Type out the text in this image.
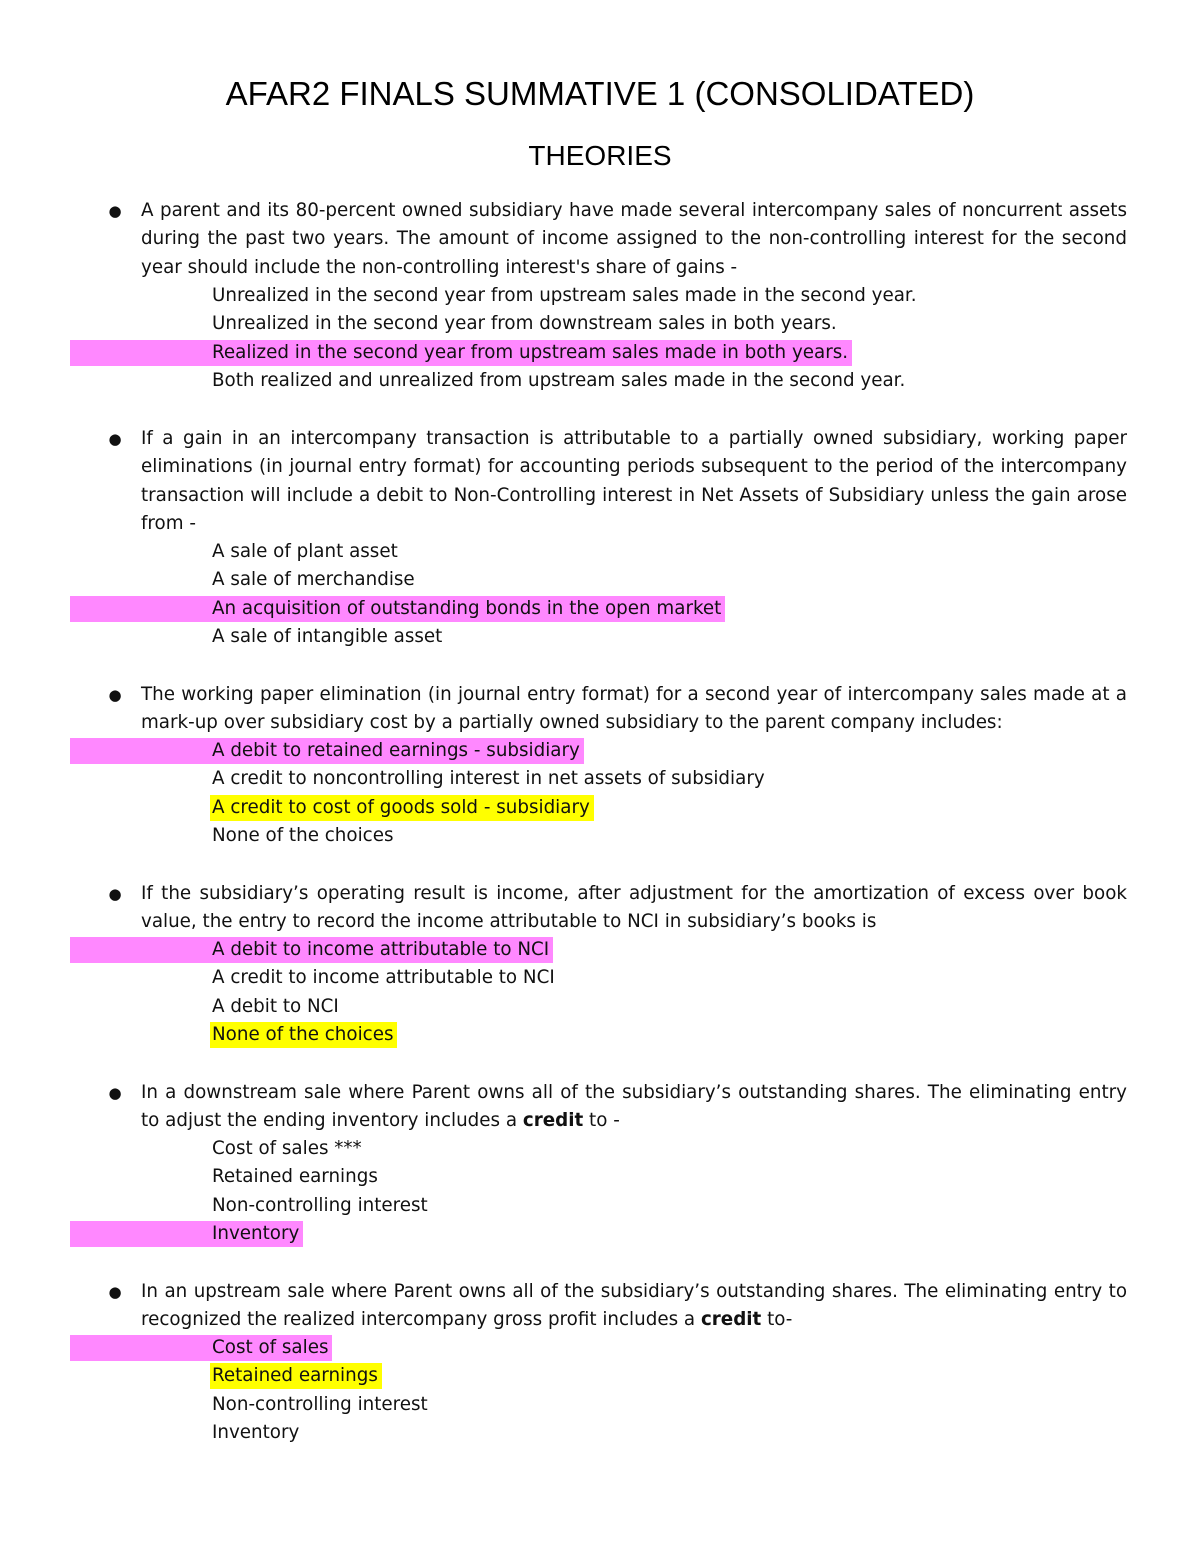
AFAR2 FINALS SUMMATIVE 1 (CONSOLIDATED)
THEORIES
● A parent and its 80-percent owned subsidiary have made several intercompany sales of noncurrent assets during the past two years. The amount of income assigned to the non-controlling interest for the second year should include the non-controlling interest's share of gains -
Unrealized in the second year from upstream sales made in the second year.
Unrealized in the second year from downstream sales in both years.
Realized in the second year from upstream sales made in both years.
Both realized and unrealized from upstream sales made in the second year.
● If a gain in an intercompany transaction is attributable to a partially owned subsidiary, working paper eliminations (in journal entry format) for accounting periods subsequent to the period of the intercompany transaction will include a debit to Non-Controlling interest in Net Assets of Subsidiary unless the gain arose from -
A sale of plant asset
A sale of merchandise
An acquisition of outstanding bonds in the open market
A sale of intangible asset
● The working paper elimination (in journal entry format) for a second year of intercompany sales made at a mark-up over subsidiary cost by a partially owned subsidiary to the parent company includes:
A debit to retained earnings - subsidiary
A credit to noncontrolling interest in net assets of subsidiary
A credit to cost of goods sold - subsidiary
None of the choices
● If the subsidiary’s operating result is income, after adjustment for the amortization of excess over book value, the entry to record the income attributable to NCI in subsidiary’s books is
A debit to income attributable to NCI
A credit to income attributable to NCI
A debit to NCI
None of the choices
● In a downstream sale where Parent owns all of the subsidiary’s outstanding shares. The eliminating entry to adjust the ending inventory includes a credit to -
Cost of sales ***
Retained earnings
Non-controlling interest
Inventory
● In an upstream sale where Parent owns all of the subsidiary’s outstanding shares. The eliminating entry to recognized the realized intercompany gross profit includes a credit to-
Cost of sales
Retained earnings
Non-controlling interest
Inventory
